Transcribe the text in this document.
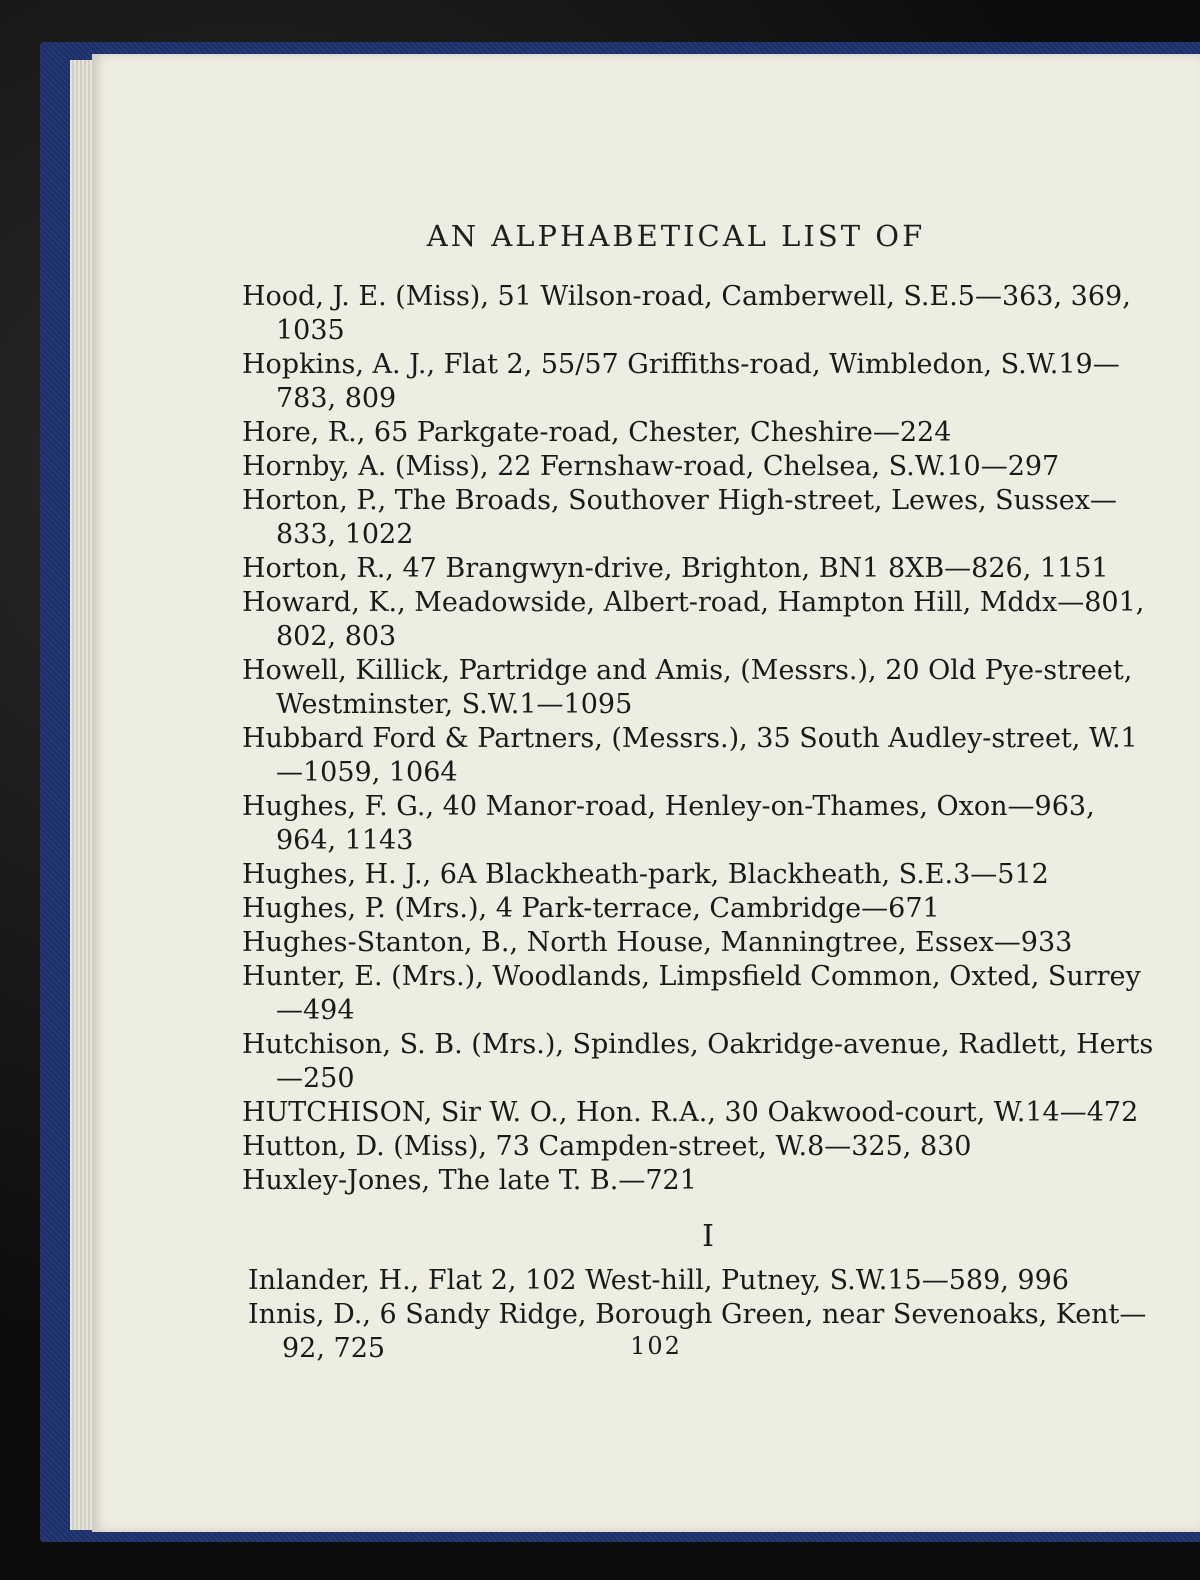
AN ALPHABETICAL LIST OF

Hood, J. E. (Miss), 51 Wilson-road, Camberwell, S.E.5—363, 369, 1035

Hopkins, A. J., Flat 2, 55/57 Griffiths-road, Wimbledon, S.W.19—783, 809

Hore, R., 65 Parkgate-road, Chester, Cheshire—224

Hornby, A. (Miss), 22 Fernshaw-road, Chelsea, S.W.10—297

Horton, P., The Broads, Southover High-street, Lewes, Sussex—833, 1022

Horton, R., 47 Brangwyn-drive, Brighton, BN1 8XB—826, 1151

Howard, K., Meadowside, Albert-road, Hampton Hill, Mddx—801, 802, 803

Howell, Killick, Partridge and Amis, (Messrs.), 20 Old Pye-street, Westminster, S.W.1—1095

Hubbard Ford & Partners, (Messrs.), 35 South Audley-street, W.1—1059, 1064

Hughes, F. G., 40 Manor-road, Henley-on-Thames, Oxon—963, 964, 1143

Hughes, H. J., 6A Blackheath-park, Blackheath, S.E.3—512

Hughes, P. (Mrs.), 4 Park-terrace, Cambridge—671

Hughes-Stanton, B., North House, Manningtree, Essex—933

Hunter, E. (Mrs.), Woodlands, Limpsfield Common, Oxted, Surrey—494

Hutchison, S. B. (Mrs.), Spindles, Oakridge-avenue, Radlett, Herts—250

HUTCHISON, Sir W. O., Hon. R.A., 30 Oakwood-court, W.14—472

Hutton, D. (Miss), 73 Campden-street, W.8—325, 830

Huxley-Jones, The late T. B.—721

I

Inlander, H., Flat 2, 102 West-hill, Putney, S.W.15—589, 996

Innis, D., 6 Sandy Ridge, Borough Green, near Sevenoaks, Kent—92, 725	102
